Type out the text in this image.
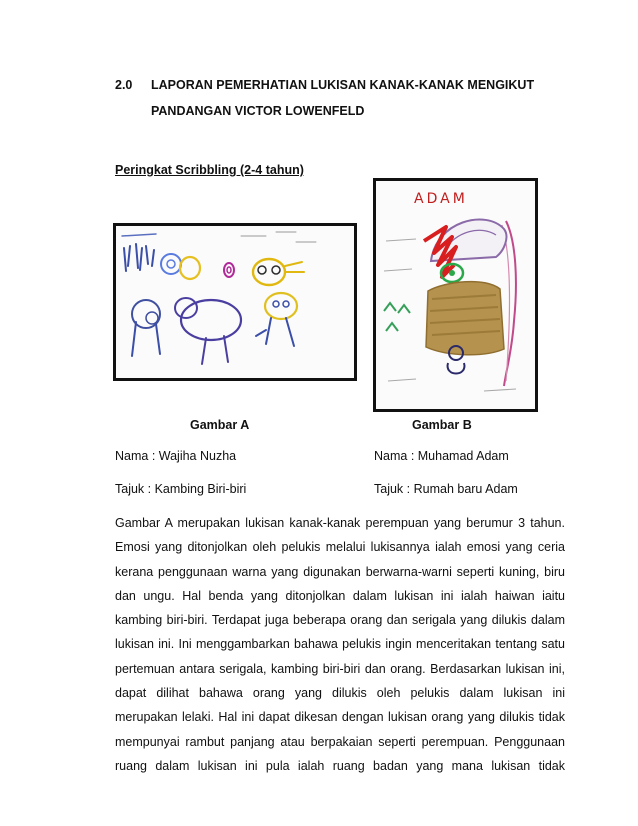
2.0 LAPORAN PEMERHATIAN LUKISAN KANAK-KANAK MENGIKUT
PANDANGAN VICTOR LOWENFELD
Peringkat Scribbling (2-4 tahun)
ADAM
Gambar A	Gambar B
Nama : Wajiha Nuzha	Nama : Muhamad Adam
Tajuk : Kambing Biri-biri	Tajuk : Rumah baru Adam
Gambar A merupakan lukisan kanak-kanak perempuan yang berumur 3 tahun.
Emosi yang ditonjolkan oleh pelukis melalui lukisannya ialah emosi yang ceria
kerana penggunaan warna yang digunakan berwarna-warni seperti kuning, biru
dan ungu. Hal benda yang ditonjolkan dalam lukisan ini ialah haiwan iaitu
kambing biri-biri. Terdapat juga beberapa orang dan serigala yang dilukis dalam
lukisan ini. Ini menggambarkan bahawa pelukis ingin menceritakan tentang satu
pertemuan antara serigala, kambing biri-biri dan orang. Berdasarkan lukisan ini,
dapat dilihat bahawa orang yang dilukis oleh pelukis dalam lukisan ini
merupakan lelaki. Hal ini dapat dikesan dengan lukisan orang yang dilukis tidak
mempunyai rambut panjang atau berpakaian seperti perempuan. Penggunaan
ruang dalam lukisan ini pula ialah ruang badan yang mana lukisan tidak
